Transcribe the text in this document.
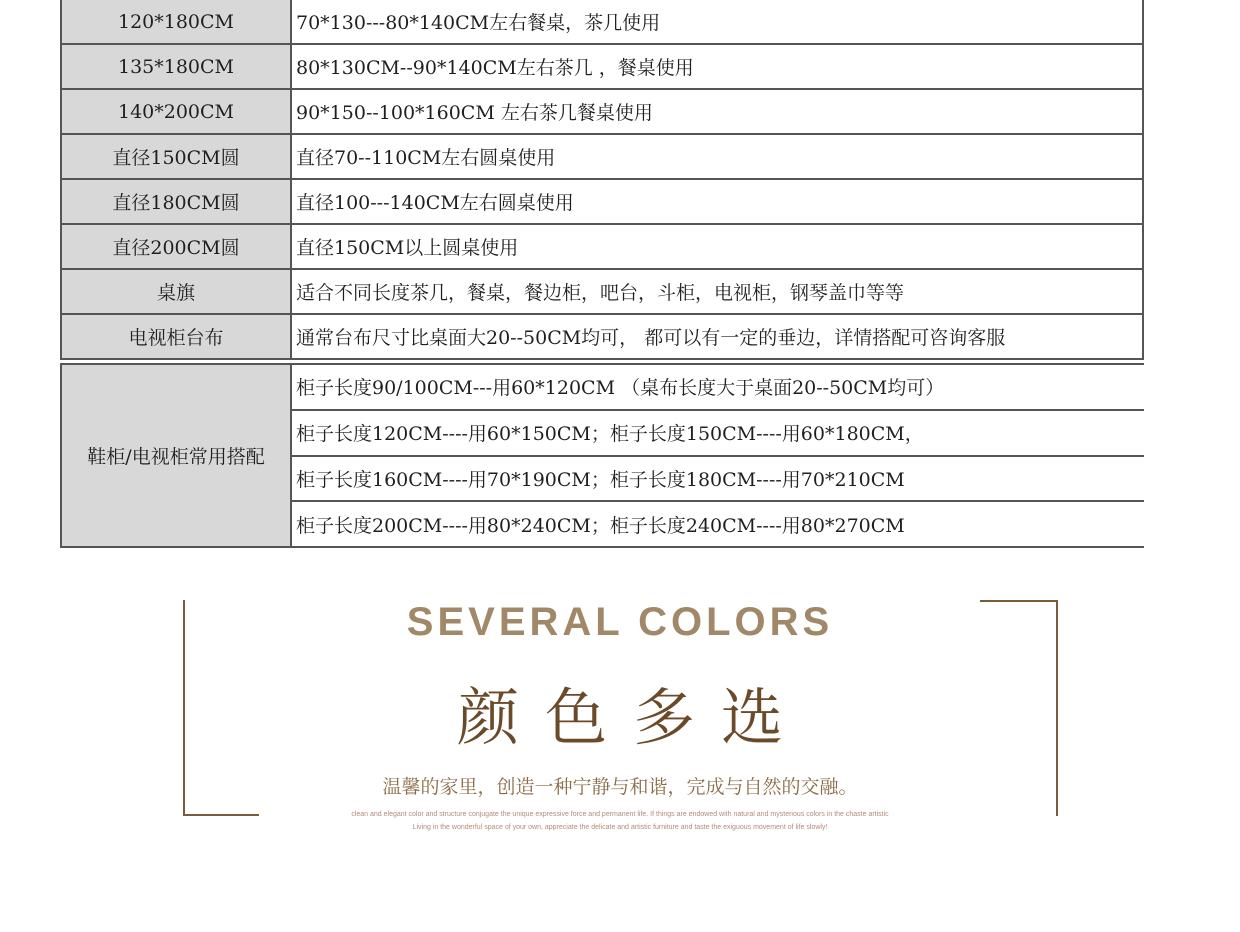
120*180CM	70*130---80*140CM左右餐桌，茶几使用
135*180CM	80*130CM--90*140CM左右茶几 ，餐桌使用
140*200CM	90*150--100*160CM 左右茶几餐桌使用
直径150CM圆	直径70--110CM左右圆桌使用
直径180CM圆	直径100---140CM左右圆桌使用
直径200CM圆	直径150CM以上圆桌使用
桌旗	适合不同长度茶几，餐桌，餐边柜，吧台，斗柜，电视柜，钢琴盖巾等等
电视柜台布	通常台布尺寸比桌面大20--50CM均可， 都可以有一定的垂边，详情搭配可咨询客服
鞋柜/电视柜常用搭配
柜子长度90/100CM---用60*120CM （桌布长度大于桌面20--50CM均可）
柜子长度120CM----用60*150CM；柜子长度150CM----用60*180CM，
柜子长度160CM----用70*190CM；柜子长度180CM----用70*210CM
柜子长度200CM----用80*240CM；柜子长度240CM----用80*270CM
SEVERAL COLORS
颜色多选

温馨的家里，创造一种宁静与和谐，完成与自然的交融。

clean and elegant color and structure conjugate the unique expressive force and permanent life. If things are endowed with natural and mysterious colors in the chaste artistic

Living in the wonderful space of your own, appreciate the delicate and artistic furniture and taste the exiguous movement of life slowly!
